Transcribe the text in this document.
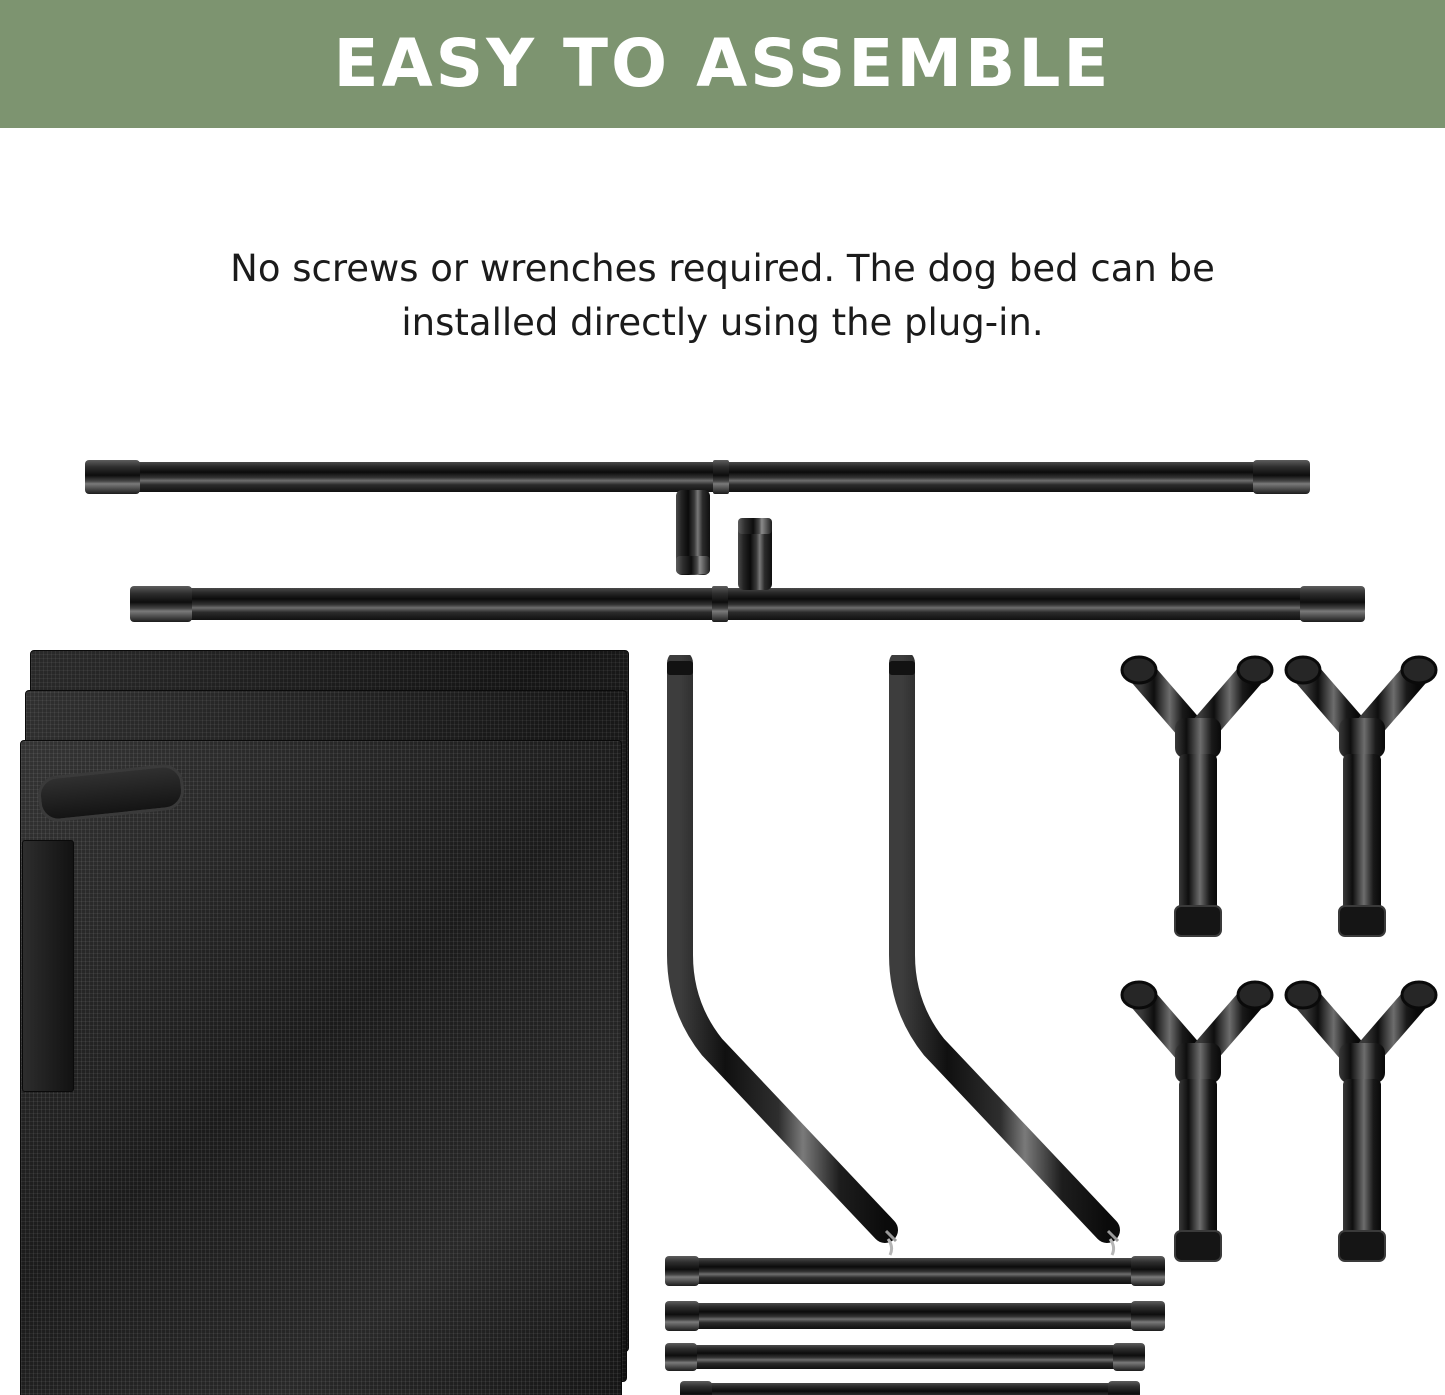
EASY TO ASSEMBLE
No screws or wrenches required. The dog bed can be installed directly using the plug-in.
